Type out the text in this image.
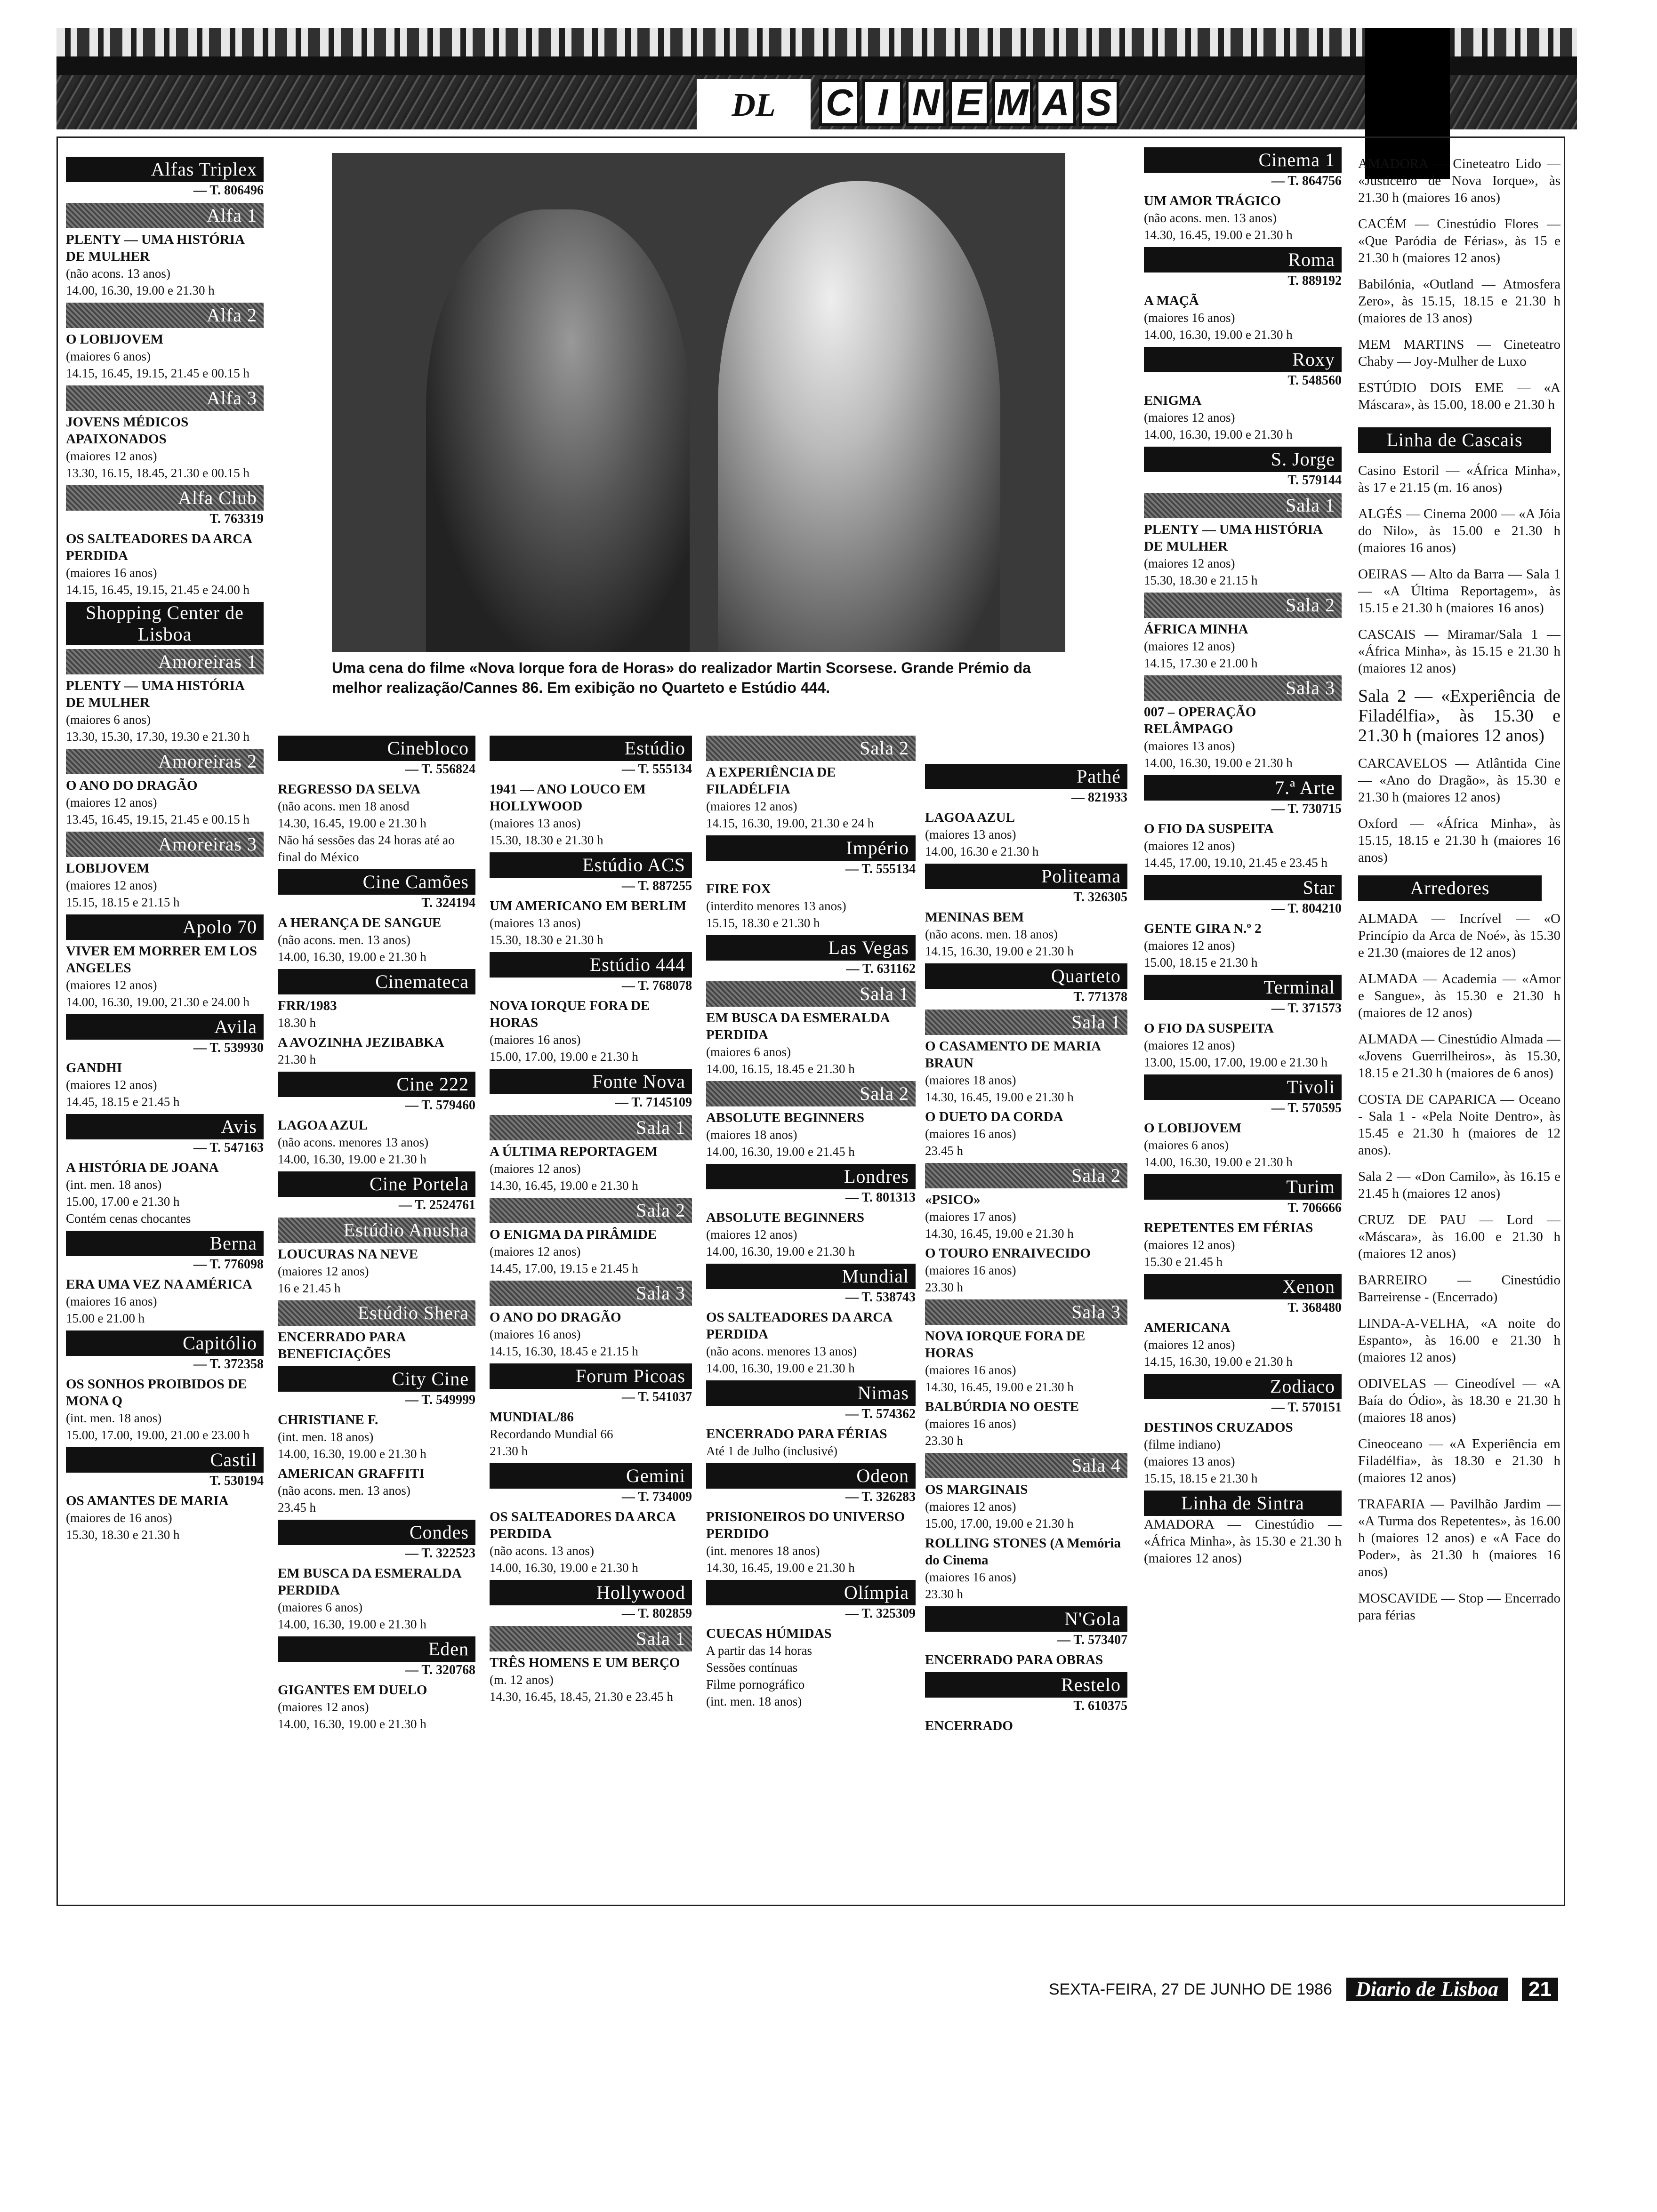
DL	C I N E M A S
Uma cena do filme «Nova Iorque fora de Horas» do realizador Martin Scorsese. Grande Prémio da melhor realização/Cannes 86. Em exibição no Quarteto e Estúdio 444.
Alfas Triplex
— T. 806496
Alfa 1
PLENTY — UMA HISTÓRIA DE MULHER
(não acons. 13 anos)
14.00, 16.30, 19.00 e 21.30 h
Alfa 2
O LOBIJOVEM
(maiores 6 anos)
14.15, 16.45, 19.15, 21.45 e 00.15 h
Alfa 3
JOVENS MÉDICOS APAIXONADOS
(maiores 12 anos)
13.30, 16.15, 18.45, 21.30 e 00.15 h
Alfa Club
T. 763319
OS SALTEADORES DA ARCA PERDIDA
(maiores 16 anos)
14.15, 16.45, 19.15, 21.45 e 24.00 h
Shopping Center de Lisboa
Amoreiras 1
PLENTY — UMA HISTÓRIA DE MULHER
(maiores 6 anos)
13.30, 15.30, 17.30, 19.30 e 21.30 h
Amoreiras 2
O ANO DO DRAGÃO
(maiores 12 anos)
13.45, 16.45, 19.15, 21.45 e 00.15 h
Amoreiras 3
LOBIJOVEM
(maiores 12 anos)
15.15, 18.15 e 21.15 h
Apolo 70
VIVER EM MORRER EM LOS ANGELES
(maiores 12 anos)
14.00, 16.30, 19.00, 21.30 e 24.00 h
Avila
— T. 539930
GANDHI
(maiores 12 anos)
14.45, 18.15 e 21.45 h
Avis
— T. 547163
A HISTÓRIA DE JOANA
(int. men. 18 anos)
15.00, 17.00 e 21.30 h
Contém cenas chocantes
Berna
— T. 776098
ERA UMA VEZ NA AMÉRICA
(maiores 16 anos)
15.00 e 21.00 h
Capitólio
— T. 372358
OS SONHOS PROIBIDOS DE MONA Q
(int. men. 18 anos)
15.00, 17.00, 19.00, 21.00 e 23.00 h
Castil
T. 530194
OS AMANTES DE MARIA
(maiores de 16 anos)
15.30, 18.30 e 21.30 h
Cinebloco
— T. 556824
REGRESSO DA SELVA
(não acons. men 18 anosd
14.30, 16.45, 19.00 e 21.30 h
Não há sessões das 24 horas até ao final do México
Cine Camões
T. 324194
A HERANÇA DE SANGUE
(não acons. men. 13 anos)
14.00, 16.30, 19.00 e 21.30 h
Cinemateca
FRR/1983
18.30 h
A AVOZINHA JEZIBABKA
21.30 h
Cine 222
— T. 579460
LAGOA AZUL
(não acons. menores 13 anos)
14.00, 16.30, 19.00 e 21.30 h
Cine Portela
— T. 2524761
Estúdio Anusha
LOUCURAS NA NEVE
(maiores 12 anos)
16 e 21.45 h
Estúdio Shera
ENCERRADO PARA BENEFICIAÇÕES
City Cine
— T. 549999
CHRISTIANE F.
(int. men. 18 anos)
14.00, 16.30, 19.00 e 21.30 h
AMERICAN GRAFFITI
(não acons. men. 13 anos)
23.45 h
Condes
— T. 322523
EM BUSCA DA ESMERALDA PERDIDA
(maiores 6 anos)
14.00, 16.30, 19.00 e 21.30 h
Eden
— T. 320768
GIGANTES EM DUELO
(maiores 12 anos)
14.00, 16.30, 19.00 e 21.30 h
Estúdio
— T. 555134
1941 — ANO LOUCO EM HOLLYWOOD
(maiores 13 anos)
15.30, 18.30 e 21.30 h
Estúdio ACS
— T. 887255
UM AMERICANO EM BERLIM
(maiores 13 anos)
15.30, 18.30 e 21.30 h
Estúdio 444
— T. 768078
NOVA IORQUE FORA DE HORAS
(maiores 16 anos)
15.00, 17.00, 19.00 e 21.30 h
Fonte Nova
— T. 7145109
Sala 1
A ÚLTIMA REPORTAGEM
(maiores 12 anos)
14.30, 16.45, 19.00 e 21.30 h
Sala 2
O ENIGMA DA PIRÂMIDE
(maiores 12 anos)
14.45, 17.00, 19.15 e 21.45 h
Sala 3
O ANO DO DRAGÃO
(maiores 16 anos)
14.15, 16.30, 18.45 e 21.15 h
Forum Picoas
— T. 541037
MUNDIAL/86
Recordando Mundial 66
21.30 h
Gemini
— T. 734009
OS SALTEADORES DA ARCA PERDIDA
(não acons. 13 anos)
14.00, 16.30, 19.00 e 21.30 h
Hollywood
— T. 802859
Sala 1
TRÊS HOMENS E UM BERÇO
(m. 12 anos)
14.30, 16.45, 18.45, 21.30 e 23.45 h
Sala 2
A EXPERIÊNCIA DE FILADÉLFIA
(maiores 12 anos)
14.15, 16.30, 19.00, 21.30 e 24 h
Império
— T. 555134
FIRE FOX
(interdito menores 13 anos)
15.15, 18.30 e 21.30 h
Las Vegas
— T. 631162
Sala 1
EM BUSCA DA ESMERALDA PERDIDA
(maiores 6 anos)
14.00, 16.15, 18.45 e 21.30 h
Sala 2
ABSOLUTE BEGINNERS
(maiores 18 anos)
14.00, 16.30, 19.00 e 21.45 h
Londres
— T. 801313
ABSOLUTE BEGINNERS
(maiores 12 anos)
14.00, 16.30, 19.00 e 21.30 h
Mundial
— T. 538743
OS SALTEADORES DA ARCA PERDIDA
(não acons. menores 13 anos)
14.00, 16.30, 19.00 e 21.30 h
Nimas
— T. 574362
ENCERRADO PARA FÉRIAS
Até 1 de Julho (inclusivé)
Odeon
— T. 326283
PRISIONEIROS DO UNIVERSO PERDIDO
(int. menores 18 anos)
14.30, 16.45, 19.00 e 21.30 h
Olímpia
— T. 325309
CUECAS HÚMIDAS
A partir das 14 horas
Sessões contínuas
Filme pornográfico
(int. men. 18 anos)
Pathé
— 821933
LAGOA AZUL
(maiores 13 anos)
14.00, 16.30 e 21.30 h
Politeama
T. 326305
MENINAS BEM
(não acons. men. 18 anos)
14.15, 16.30, 19.00 e 21.30 h
Quarteto
T. 771378
Sala 1
O CASAMENTO DE MARIA BRAUN
(maiores 18 anos)
14.30, 16.45, 19.00 e 21.30 h
O DUETO DA CORDA
(maiores 16 anos)
23.45 h
Sala 2
«PSICO»
(maiores 17 anos)
14.30, 16.45, 19.00 e 21.30 h
O TOURO ENRAIVECIDO
(maiores 16 anos)
23.30 h
Sala 3
NOVA IORQUE FORA DE HORAS
(maiores 16 anos)
14.30, 16.45, 19.00 e 21.30 h
BALBÚRDIA NO OESTE
(maiores 16 anos)
23.30 h
Sala 4
OS MARGINAIS
(maiores 12 anos)
15.00, 17.00, 19.00 e 21.30 h
ROLLING STONES (A Memória do Cinema
(maiores 16 anos)
23.30 h
N'Gola
— T. 573407
ENCERRADO PARA OBRAS
Restelo
T. 610375
ENCERRADO
Cinema 1
— T. 864756
UM AMOR TRÁGICO
(não acons. men. 13 anos)
14.30, 16.45, 19.00 e 21.30 h
Roma
T. 889192
A MAÇÃ
(maiores 16 anos)
14.00, 16.30, 19.00 e 21.30 h
Roxy
T. 548560
ENIGMA
(maiores 12 anos)
14.00, 16.30, 19.00 e 21.30 h
S. Jorge
T. 579144
Sala 1
PLENTY — UMA HISTÓRIA DE MULHER
(maiores 12 anos)
15.30, 18.30 e 21.15 h
Sala 2
ÁFRICA MINHA
(maiores 12 anos)
14.15, 17.30 e 21.00 h
Sala 3
007 – OPERAÇÃO RELÂMPAGO
(maiores 13 anos)
14.00, 16.30, 19.00 e 21.30 h
7.ª Arte
— T. 730715
O FIO DA SUSPEITA
(maiores 12 anos)
14.45, 17.00, 19.10, 21.45 e 23.45 h
Star
— T. 804210
GENTE GIRA N.º 2
(maiores 12 anos)
15.00, 18.15 e 21.30 h
Terminal
— T. 371573
O FIO DA SUSPEITA
(maiores 12 anos)
13.00, 15.00, 17.00, 19.00 e 21.30 h
Tivoli
— T. 570595
O LOBIJOVEM
(maiores 6 anos)
14.00, 16.30, 19.00 e 21.30 h
Turim
T. 706666
REPETENTES EM FÉRIAS
(maiores 12 anos)
15.30 e 21.45 h
Xenon
T. 368480
AMERICANA
(maiores 12 anos)
14.15, 16.30, 19.00 e 21.30 h
Zodiaco
— T. 570151
DESTINOS CRUZADOS
(filme indiano)
(maiores 13 anos)
15.15, 18.15 e 21.30 h
Linha de Sintra
AMADORA — Cinestúdio — «África Minha», às 15.30 e 21.30 h (maiores 12 anos)

AMADORA — Cineteatro Lido — «Justiceiro de Nova Iorque», às 21.30 h (maiores 16 anos)

CACÉM — Cinestúdio Flores — «Que Paródia de Férias», às 15 e 21.30 h (maiores 12 anos)

Babilónia, «Outland — Atmosfera Zero», às 15.15, 18.15 e 21.30 h (maiores de 13 anos)

MEM MARTINS — Cineteatro Chaby — Joy-Mulher de Luxo

ESTÚDIO DOIS EME — «A Máscara», às 15.00, 18.00 e 21.30 h

Linha de Cascais

Casino Estoril — «África Minha», às 17 e 21.15 (m. 16 anos)

ALGÉS — Cinema 2000 — «A Jóia do Nilo», às 15.00 e 21.30 h (maiores 16 anos)

OEIRAS — Alto da Barra — Sala 1 — «A Última Reportagem», às 15.15 e 21.30 h (maiores 16 anos)

CASCAIS — Miramar/Sala 1 — «África Minha», às 15.15 e 21.30 h (maiores 12 anos)

Sala 2 — «Experiência de Filadélfia», às 15.30 e 21.30 h (maiores 12 anos)

CARCAVELOS — Atlântida Cine — «Ano do Dragão», às 15.30 e 21.30 h (maiores 12 anos)

Oxford — «África Minha», às 15.15, 18.15 e 21.30 h (maiores 16 anos)

Arredores

ALMADA — Incrível — «O Princípio da Arca de Noé», às 15.30 e 21.30 (maiores de 12 anos)

ALMADA — Academia — «Amor e Sangue», às 15.30 e 21.30 h (maiores de 12 anos)

ALMADA — Cinestúdio Almada — «Jovens Guerrilheiros», às 15.30, 18.15 e 21.30 h (maiores de 6 anos)

COSTA DE CAPARICA — Oceano - Sala 1 - «Pela Noite Dentro», às 15.45 e 21.30 h (maiores de 12 anos).

Sala 2 — «Don Camilo», às 16.15 e 21.45 h (maiores 12 anos)

CRUZ DE PAU — Lord — «Máscara», às 16.00 e 21.30 h (maiores 12 anos)

BARREIRO — Cinestúdio Barreirense - (Encerrado)

LINDA-A-VELHA, «A noite do Espanto», às 16.00 e 21.30 h (maiores 12 anos)

ODIVELAS — Cineodível — «A Baía do Ódio», às 18.30 e 21.30 h (maiores 18 anos)

Cineoceano — «A Experiência em Filadélfia», às 18.30 e 21.30 h (maiores 12 anos)

TRAFARIA — Pavilhão Jardim — «A Turma dos Repetentes», às 16.00 h (maiores 12 anos) e «A Face do Poder», às 21.30 h (maiores 16 anos)

MOSCAVIDE — Stop — Encerrado para férias

SEXTA-FEIRA, 27 DE JUNHO DE 1986	Diario de Lisboa	21
